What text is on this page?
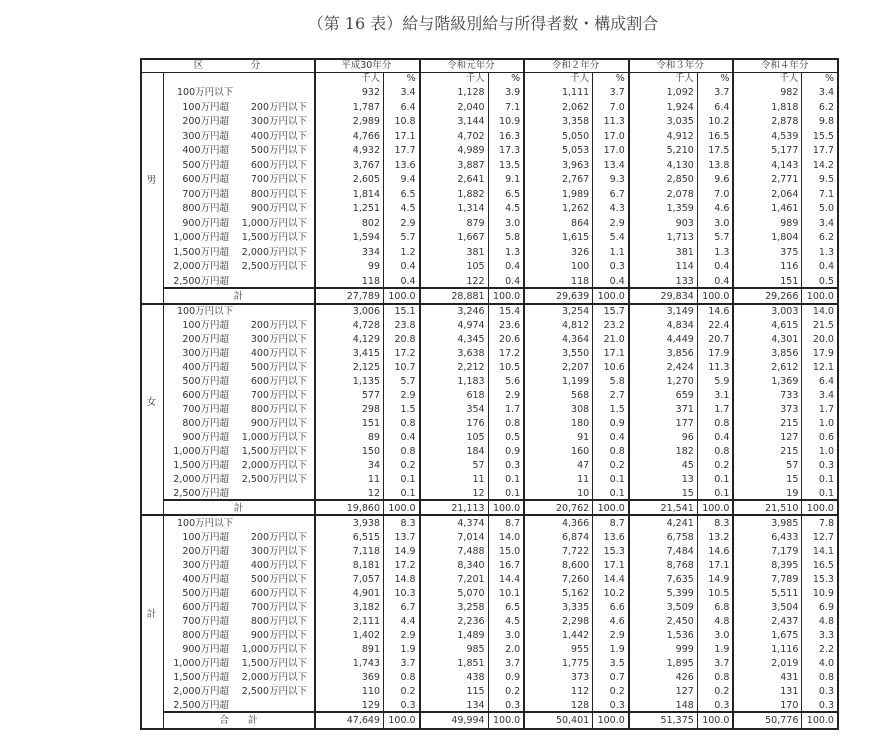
（第 16 表）給与階級別給与所得者数・構成割合
区　　　　　分	平成30年分
千人	%
令和元年分
千人	%
令和２年分
千人	%
令和３年分
千人	%
令和４年分
千人	%
男
100万円以下	932	3.4	1,128	3.9	1,111	3.7	1,092	3.7	982	3.4
100万円超	200万円以下	1,787	6.4	2,040	7.1	2,062	7.0	1,924	6.4	1,818	6.2
200万円超	300万円以下	2,989	10.8	3,144	10.9	3,358	11.3	3,035	10.2	2,878	9.8
300万円超	400万円以下	4,766	17.1	4,702	16.3	5,050	17.0	4,912	16.5	4,539	15.5
400万円超	500万円以下	4,932	17.7	4,989	17.3	5,053	17.0	5,210	17.5	5,177	17.7
500万円超	600万円以下	3,767	13.6	3,887	13.5	3,963	13.4	4,130	13.8	4,143	14.2
600万円超	700万円以下	2,605	9.4	2,641	9.1	2,767	9.3	2,850	9.6	2,771	9.5
700万円超	800万円以下	1,814	6.5	1,882	6.5	1,989	6.7	2,078	7.0	2,064	7.1
800万円超	900万円以下	1,251	4.5	1,314	4.5	1,262	4.3	1,359	4.6	1,461	5.0
900万円超	1,000万円以下	802	2.9	879	3.0	864	2.9	903	3.0	989	3.4
1,000万円超	1,500万円以下	1,594	5.7	1,667	5.8	1,615	5.4	1,713	5.7	1,804	6.2
1,500万円超	2,000万円以下	334	1.2	381	1.3	326	1.1	381	1.3	375	1.3
2,000万円超	2,500万円以下	99	0.4	105	0.4	100	0.3	114	0.4	116	0.4
2,500万円超	118	0.4	122	0.4	118	0.4	133	0.4	151	0.5
計	27,789 100.0	28,881 100.0	29,639 100.0	29,834 100.0	29,266 100.0
女
100万円以下	3,006	15.1	3,246	15.4	3,254	15.7	3,149	14.6	3,003	14.0
100万円超	200万円以下	4,728	23.8	4,974	23.6	4,812	23.2	4,834	22.4	4,615	21.5
200万円超	300万円以下	4,129	20.8	4,345	20.6	4,364	21.0	4,449	20.7	4,301	20.0
300万円超	400万円以下	3,415	17.2	3,638	17.2	3,550	17.1	3,856	17.9	3,856	17.9
400万円超	500万円以下	2,125	10.7	2,212	10.5	2,207	10.6	2,424	11.3	2,612	12.1
500万円超	600万円以下	1,135	5.7	1,183	5.6	1,199	5.8	1,270	5.9	1,369	6.4
600万円超	700万円以下	577	2.9	618	2.9	568	2.7	659	3.1	733	3.4
700万円超	800万円以下	298	1.5	354	1.7	308	1.5	371	1.7	373	1.7
800万円超	900万円以下	151	0.8	176	0.8	180	0.9	177	0.8	215	1.0
900万円超	1,000万円以下	89	0.4	105	0.5	91	0.4	96	0.4	127	0.6
1,000万円超	1,500万円以下	150	0.8	184	0.9	160	0.8	182	0.8	215	1.0
1,500万円超	2,000万円以下	34	0.2	57	0.3	47	0.2	45	0.2	57	0.3
2,000万円超	2,500万円以下	11	0.1	11	0.1	11	0.1	13	0.1	15	0.1
2,500万円超	12	0.1	12	0.1	10	0.1	15	0.1	19	0.1
計	19,860 100.0	21,113 100.0	20,762 100.0	21,541 100.0	21,510 100.0
計
100万円以下	3,938	8.3	4,374	8.7	4,366	8.7	4,241	8.3	3,985	7.8
100万円超	200万円以下	6,515	13.7	7,014	14.0	6,874	13.6	6,758	13.2	6,433	12.7
200万円超	300万円以下	7,118	14.9	7,488	15.0	7,722	15.3	7,484	14.6	7,179	14.1
300万円超	400万円以下	8,181	17.2	8,340	16.7	8,600	17.1	8,768	17.1	8,395	16.5
400万円超	500万円以下	7,057	14.8	7,201	14.4	7,260	14.4	7,635	14.9	7,789	15.3
500万円超	600万円以下	4,901	10.3	5,070	10.1	5,162	10.2	5,399	10.5	5,511	10.9
600万円超	700万円以下	3,182	6.7	3,258	6.5	3,335	6.6	3,509	6.8	3,504	6.9
700万円超	800万円以下	2,111	4.4	2,236	4.5	2,298	4.6	2,450	4.8	2,437	4.8
800万円超	900万円以下	1,402	2.9	1,489	3.0	1,442	2.9	1,536	3.0	1,675	3.3
900万円超	1,000万円以下	891	1.9	985	2.0	955	1.9	999	1.9	1,116	2.2
1,000万円超	1,500万円以下	1,743	3.7	1,851	3.7	1,775	3.5	1,895	3.7	2,019	4.0
1,500万円超	2,000万円以下	369	0.8	438	0.9	373	0.7	426	0.8	431	0.8
2,000万円超	2,500万円以下	110	0.2	115	0.2	112	0.2	127	0.2	131	0.3
2,500万円超	129	0.3	134	0.3	128	0.3	148	0.3	170	0.3
合　　計	47,649 100.0	49,994 100.0	50,401 100.0	51,375 100.0	50,776 100.0
